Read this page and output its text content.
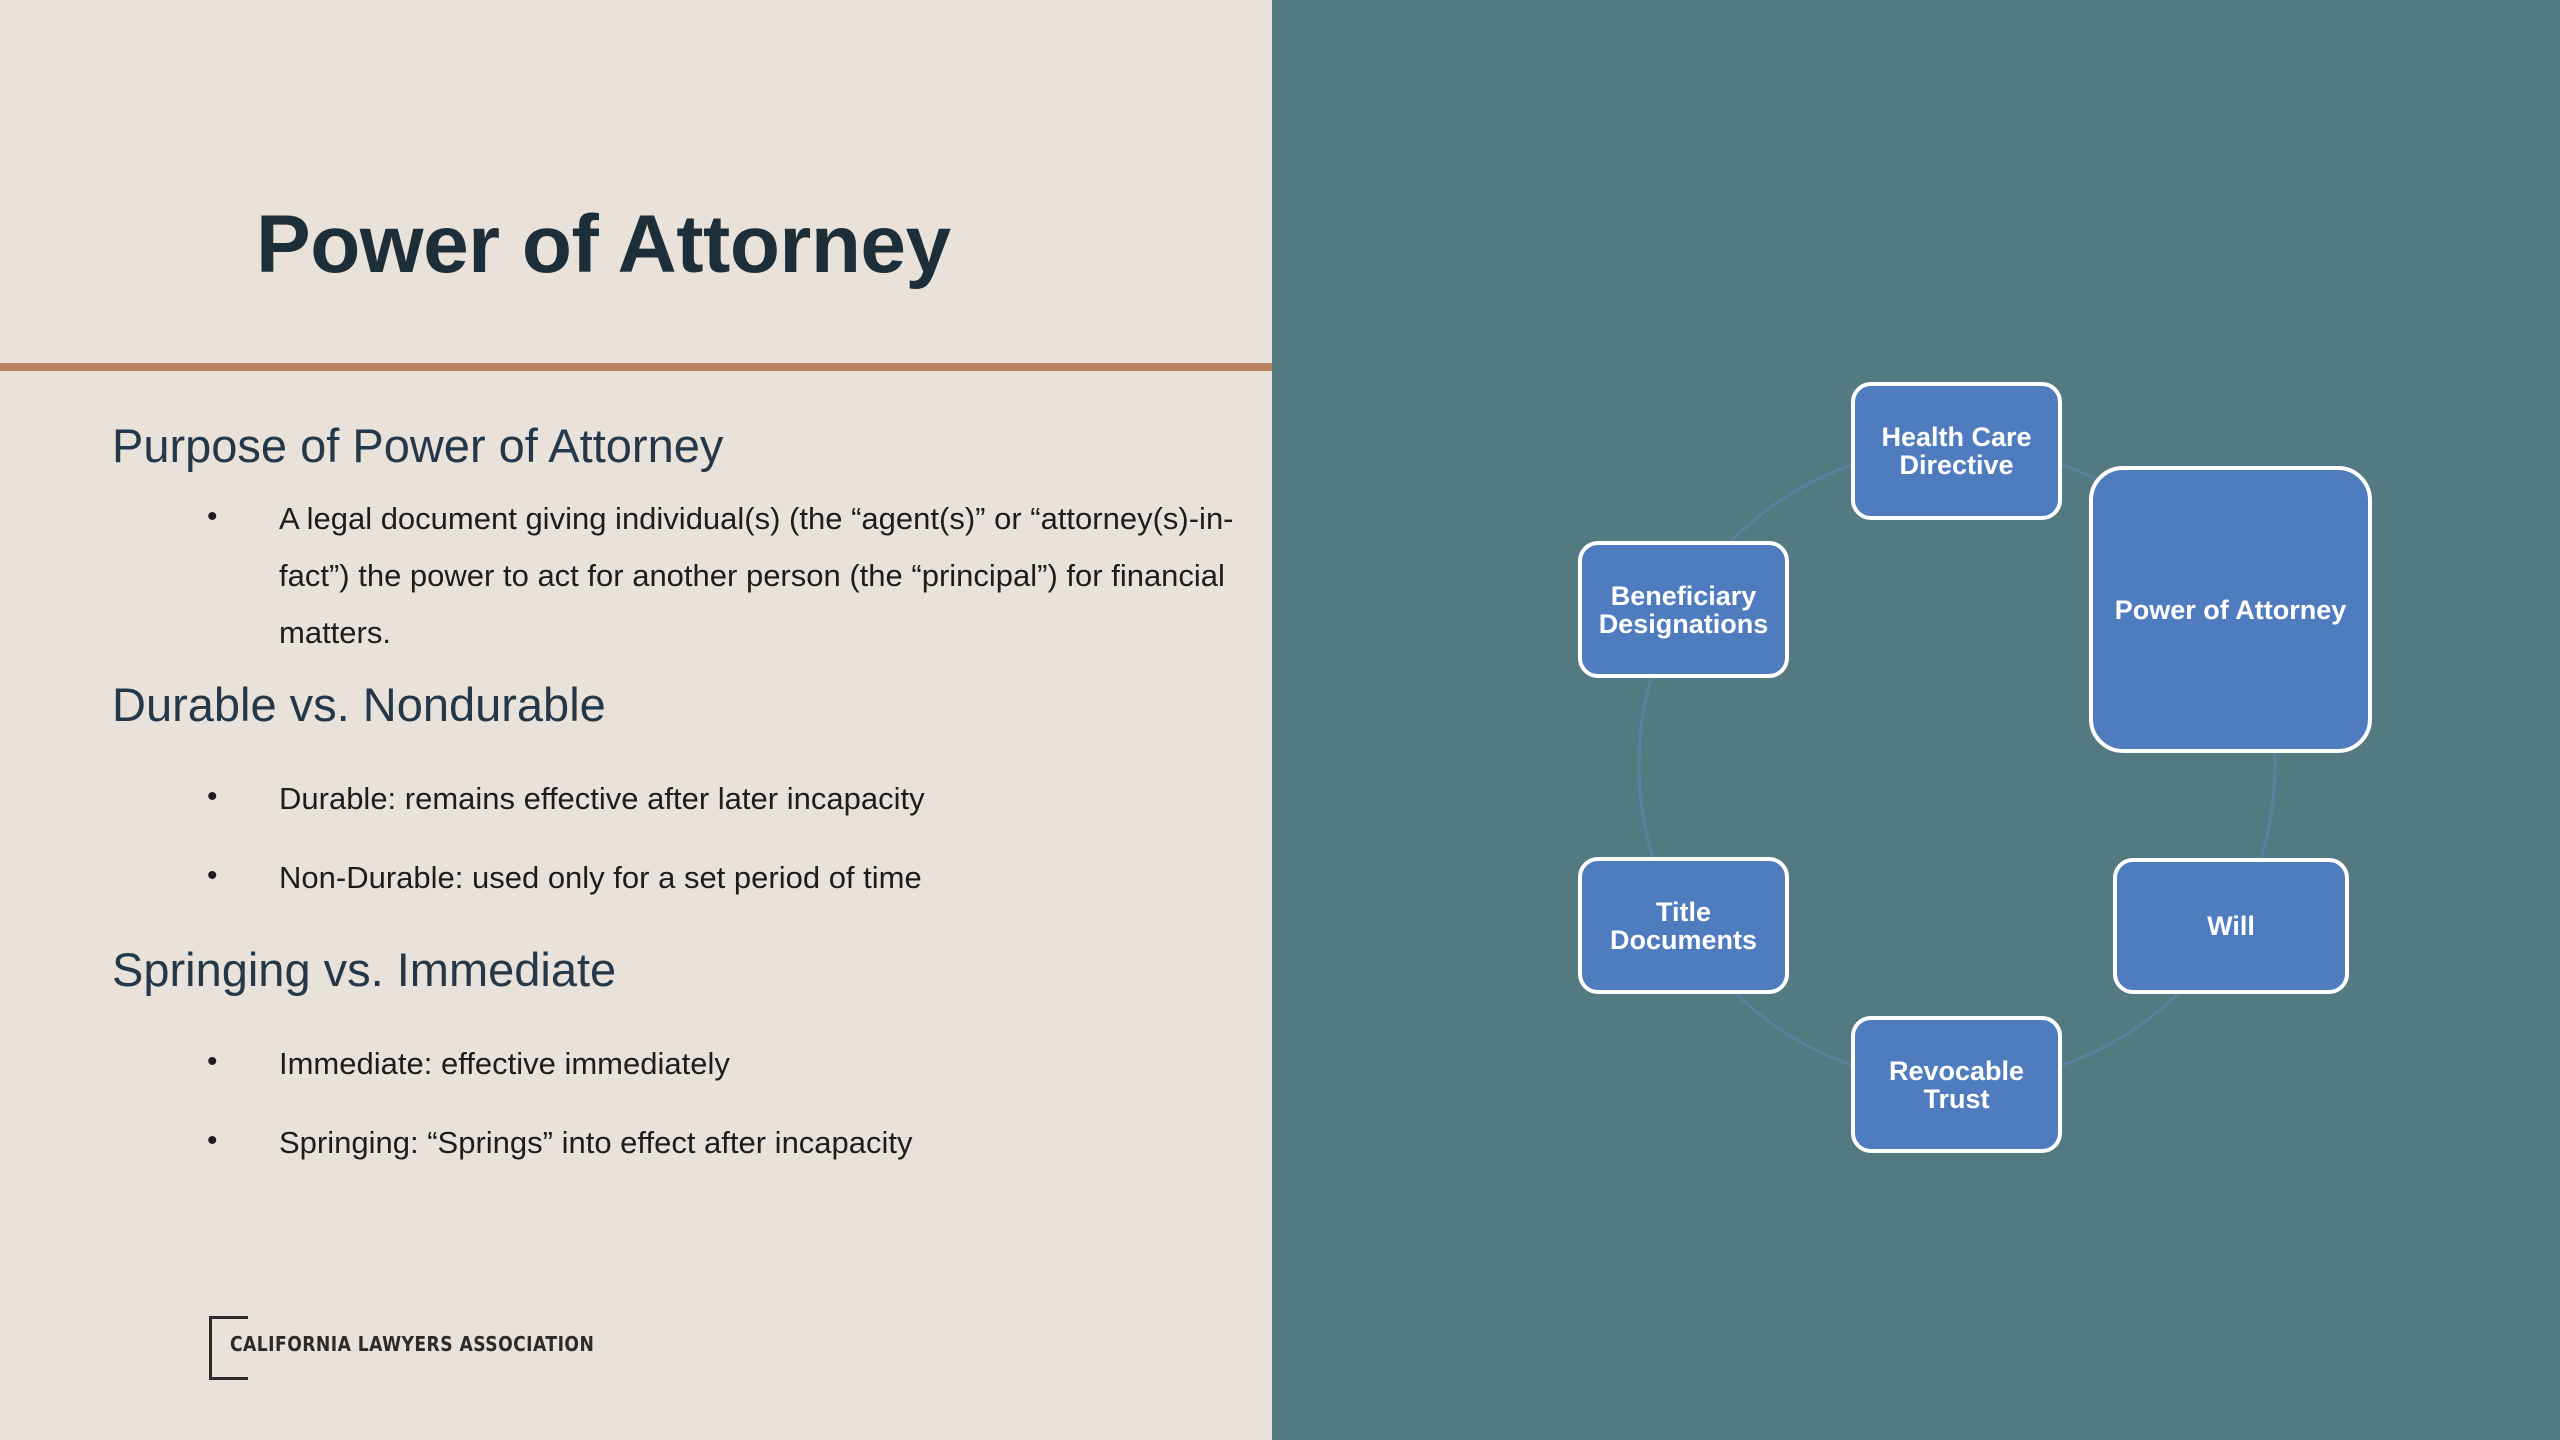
Power of Attorney
Purpose of Power of Attorney
• A legal document giving individual(s) (the “agent(s)” or “attorney(s)-in-fact”) the power to act for another person (the “principal”) for financial matters.
Durable vs. Nondurable
• Durable: remains effective after later incapacity
• Non-Durable: used only for a set period of time
Springing vs. Immediate
• Immediate: effective immediately
• Springing: “Springs” into effect after incapacity
CALIFORNIA LAWYERS ASSOCIATION
Health Care Directive
Power of Attorney
Will
Revocable Trust
Title Documents
Beneficiary Designations
